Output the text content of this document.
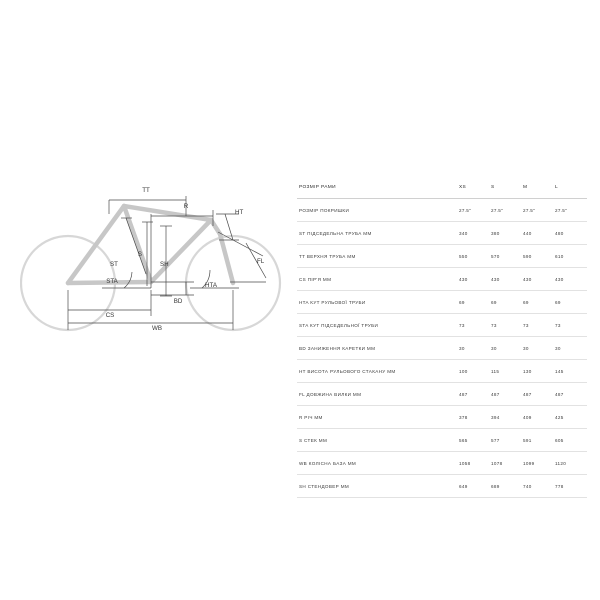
TT
R
HT
S
SH	FL
ST
STA
HTA
BD
CS
WB
РОЗМІР РАМИ	XS	S	M	L
РОЗМІР ПОКРИШКИ	27.5"	27.5"	27.5"	27.5"
ST ПІДСЕДЕЛЬНА ТРУБА ММ	340	380	440	480
TT ВЕРХНЯ ТРУБА ММ	550	570	590	610
CS ПІР'Я ММ	430	430	430	430
HTA КУТ РУЛЬОВОЇ ТРУБИ	69	69	69	69
STA КУТ ПІДСЕДЕЛЬНОЇ ТРУБИ	73	73	73	73
BD ЗАНИЖЕННЯ КАРЕТКИ ММ	30	30	30	30
HT ВИСОТА РУЛЬОВОГО СТАКАНУ ММ	100	115	130	145
FL ДОВЖИНА ВИЛКИ ММ	487	487	487	487
R РІЧ ММ	378	394	409	425
S СТЕК ММ	565	577	591	605
WB КОЛІСНА БАЗА ММ	1058	1078	1099	1120
SH СТЕНДОВЕР ММ	649	689	740	778
